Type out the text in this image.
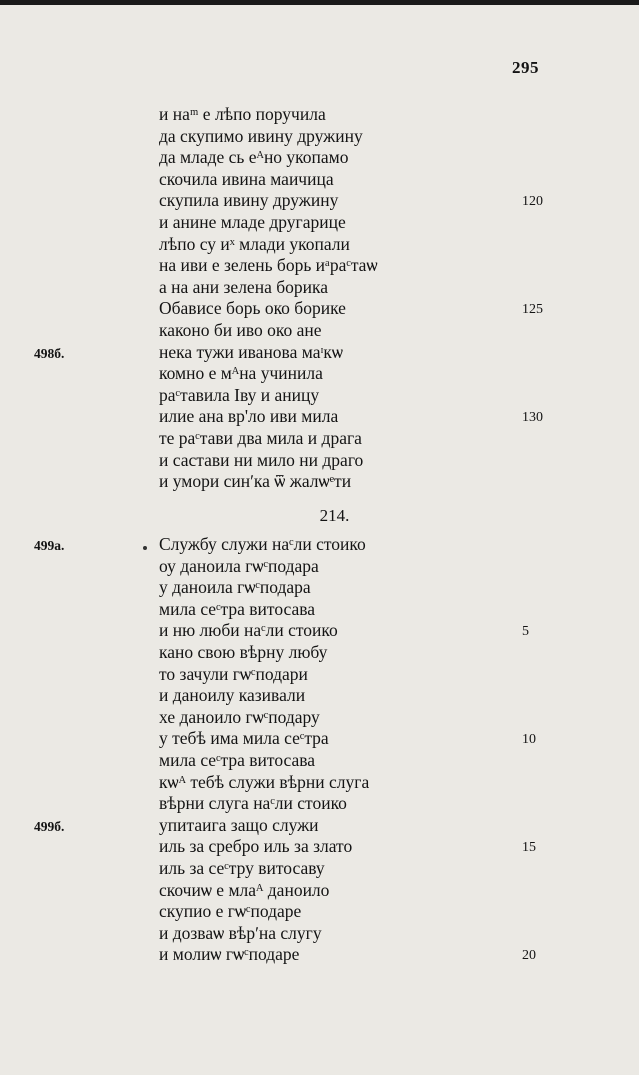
295
и наᵐ е лѣпо поручила
да скупимо ивину дружину
да младе сь еᴬно укопамо
скочила ивина маичица
скупила ивину дружину	120
и анине младе другарице
лѣпо су иˣ млади укопали
на иви е зелень борь иᵃраᶜтаѡ
а на ани зелена борика
Обависе борь око борике	125
каконо би иво око ане
нека тужи иванова маᶦкѡ
498б.
комно е мᴬна учинила
раᶜтавила Іву и аницу
илие ана вр'ло иви мила	130
те раᶜтави два мила и драга
и састави ни мило ни драго
и умори синʹка ѿ жалѡᵉти
214.
Службу служи наᶜли стоико
499а.
оу даноила гѡᶜподара
у даноила гѡᶜподара
мила сеᶜтра витосава
и ню люби наᶜли стоико	5
кано свою вѣрну любу
то зачули гѡᶜподари
и даноилу казивали
хе даноило гѡᶜподару
у тебѣ има мила сеᶜтра	10
мила сеᶜтра витосава
кѡᴬ тебѣ служи вѣрни слуга
вѣрни слуга наᶜли стоико
упитаига защо служи
499б.
иль за сребро иль за злато	15
иль за сеᶜтру витосаву
скочиѡ е млаᴬ даноило
скупио е гѡᶜподаре
и дозваѡ вѣрʹна слугу
и молиѡ гѡᶜподаре	20
